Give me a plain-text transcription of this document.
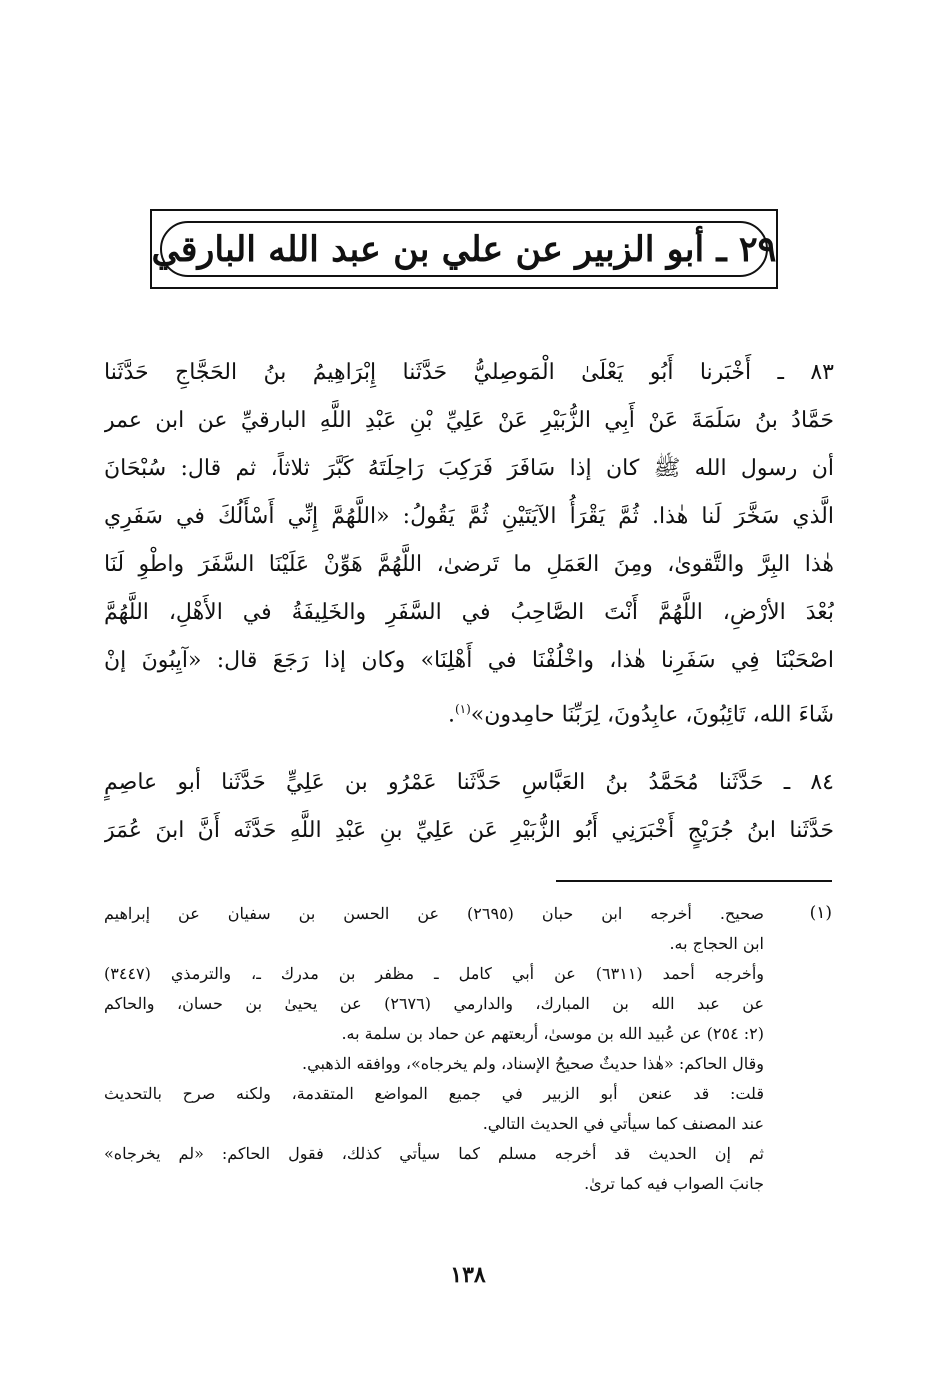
٢٩ ـ أبو الزبير عن علي بن عبد الله البارقي
٨٣ ـ أَخْبَرنا أَبُو يَعْلَىٰ الْمَوصِليُّ حَدَّثَنا إِبْرَاهِيمُ بنُ الحَجَّاجِ حَدَّثَنا
حَمَّادُ بنُ سَلَمَةَ عَنْ أَبِي الزُّبَيْرِ عَنْ عَلِيِّ بْنِ عَبْدِ اللَّهِ البارقيِّ عن ابن عمر
أن رسول الله ﷺ كان إذا سَافَرَ فَرَكِبَ رَاحِلَتَهُ كَبَّرَ ثلاثاً، ثم قال: سُبْحَانَ
الَّذي سَخَّرَ لَنا هٰذا. ثُمَّ يَقْرَأُ الآيَتَيْنِ ثُمَّ يَقُولُ: «اللَّهُمَّ إِنِّي أَسْأَلُكَ في سَفَرِي
هٰذا البِرَّ والتَّقوىٰ، ومِنَ العَمَلِ ما تَرضىٰ، اللَّهُمَّ هَوِّنْ عَلَيْنَا السَّفَرَ واطْوِ لَنَا
بُعْدَ الأرْضِ، اللَّهُمَّ أَنْتَ الصَّاحِبُ في السَّفَرِ والخَلِيفَةُ في الأَهْلِ، اللَّهُمَّ
اصْحَبْنَا فِي سَفَرِنا هٰذا، واخْلُفْنَا في أَهْلِنَا» وكان إذا رَجَعَ قال: «آيِبُونَ إنْ
شَاءَ الله، تَائِبُونَ، عابِدُونَ، لِرَبِّنَا حامِدون»$^{(١)}$.
٨٤ ـ حَدَّثَنا مُحَمَّدُ بنُ العَبَّاسِ حَدَّثَنا عَمْرُو بن عَلِيٍّ حَدَّثَنا أبو عاصِمٍ
حَدَّثَنا ابنُ جُرَيْجٍ أَخْبَرَنِي أَبُو الزُّبَيْرِ عَن عَلِيِّ بنِ عَبْدِ اللَّهِ حَدَّثَه أَنَّ ابنَ عُمَرَ
(١)
صحيح. أخرجه ابن حبان (٢٦٩٥) عن الحسن بن سفيان عن إبراهيم
ابن الحجاج به.
وأخرجه أحمد (٦٣١١) عن أبي كامل ـ مظفر بن مدرك ـ، والترمذي (٣٤٤٧)
عن عبد الله بن المبارك، والدارمي (٢٦٧٦) عن يحيىٰ بن حسان، والحاكم
(٢: ٢٥٤) عن عُبيد الله بن موسىٰ، أربعتهم عن حماد بن سلمة به.
وقال الحاكم: «هٰذا حديثٌ صحيحُ الإسناد، ولم يخرجاه»، ووافقه الذهبي.
قلت: قد عنعن أبو الزبير في جميع المواضع المتقدمة، ولكنه صرح بالتحديث
عند المصنف كما سيأتي في الحديث التالي.
ثم إن الحديث قد أخرجه مسلم كما سيأتي كذلك، فقول الحاكم: «لم يخرجاه»
جانبَ الصواب فيه كما ترىٰ.
١٣٨
